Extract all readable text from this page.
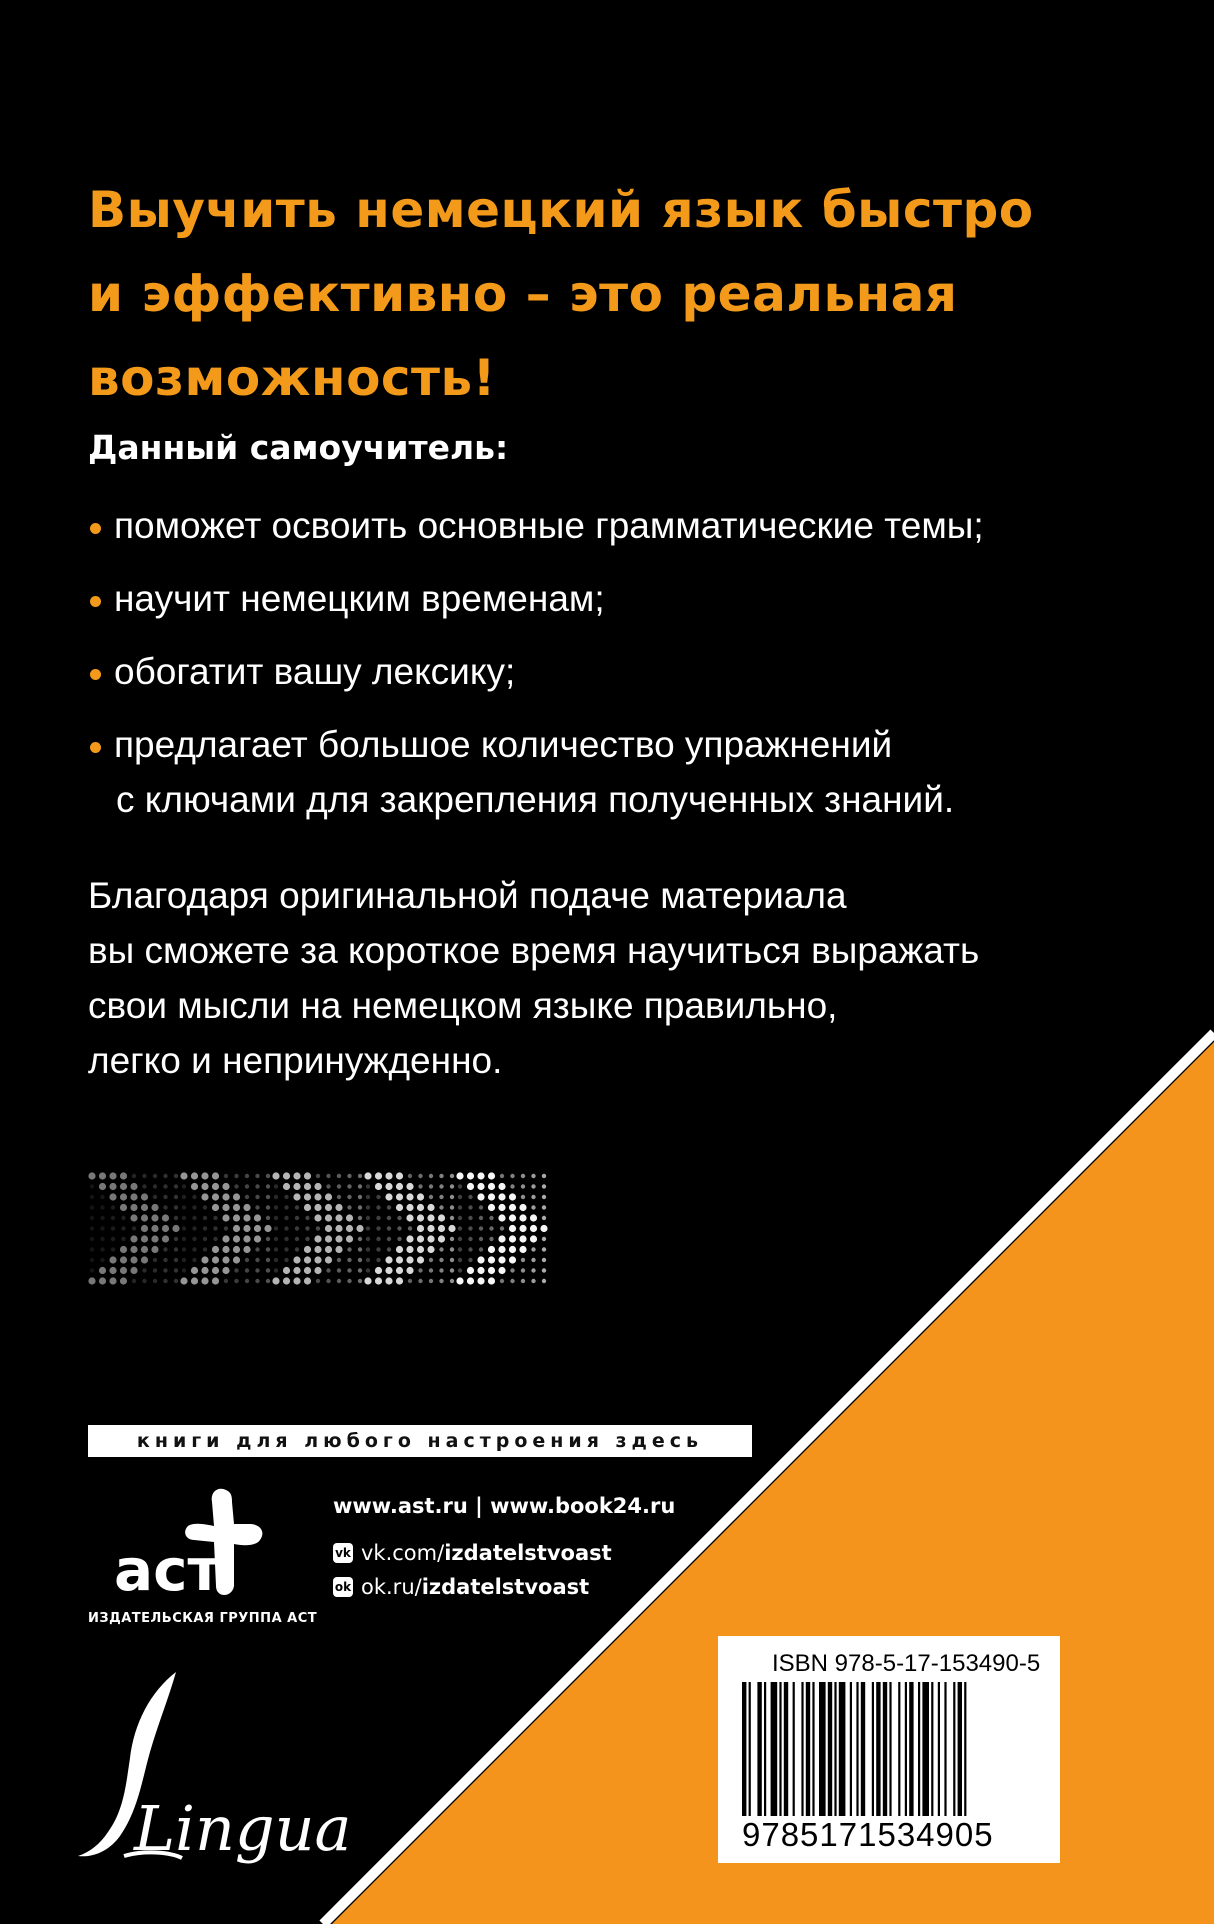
Выучить немецкий язык быстро
и эффективно – это реальная
возможность!

Данный самоучитель:

поможет освоить основные грамматические темы;
научит немецким временам;
обогатит вашу лексику;
предлагает большое количество упражнений
с ключами для закрепления полученных знаний.

Благодаря оригинальной подаче материала
вы сможете за короткое время научиться выражать
свои мысли на немецком языке правильно,
легко и непринужденно.

книги для любого настроения здесь
аст
ИЗДАТЕЛЬСКАЯ ГРУППА АСТ
www.ast.ru | www.book24.ru
vk vk.com/ izdatelstvoast
ok ok.ru/ izdatelstvoast
Lingua
ISBN 978-5-17-153490-5
9785171534905
